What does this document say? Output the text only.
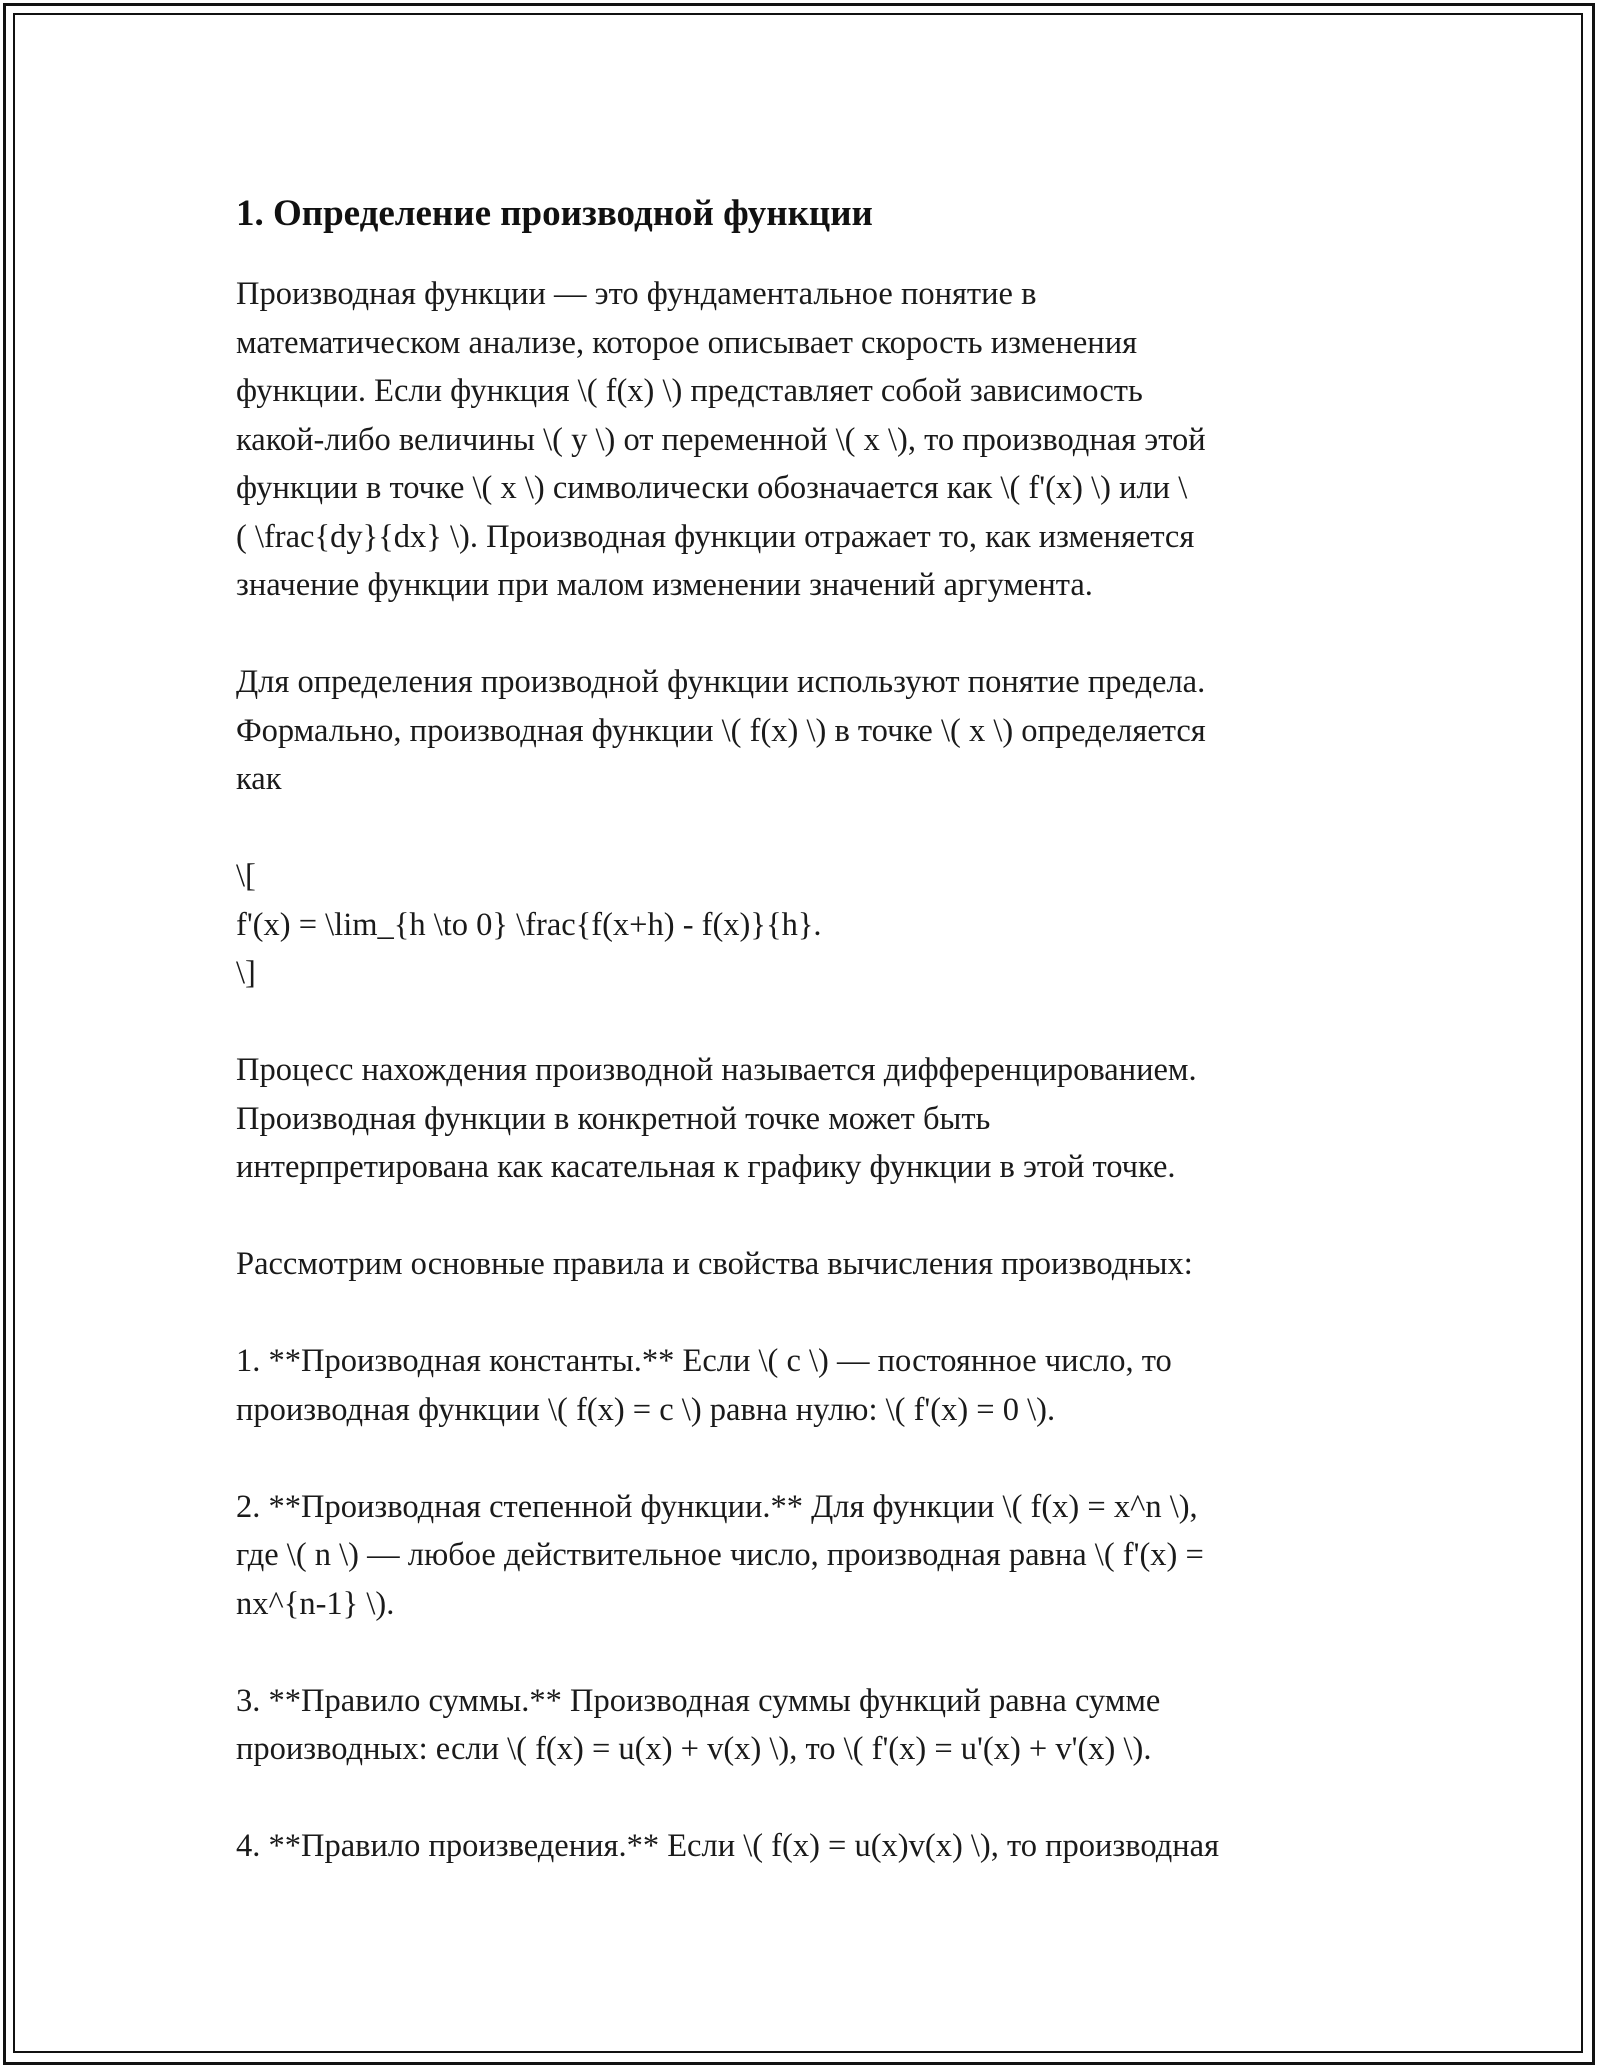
1. Определение производной функции

Производная функции — это фундаментальное понятие в
математическом анализе, которое описывает скорость изменения
функции. Если функция \( f(x) \) представляет собой зависимость
какой-либо величины \( y \) от переменной \( x \), то производная этой
функции в точке \( x \) символически обозначается как \( f'(x) \) или \
( \frac{dy}{dx} \). Производная функции отражает то, как изменяется
значение функции при малом изменении значений аргумента.

Для определения производной функции используют понятие предела.
Формально, производная функции \( f(x) \) в точке \( x \) определяется
как

\[
f'(x) = \lim_{h \to 0} \frac{f(x+h) - f(x)}{h}.
\]

Процесс нахождения производной называется дифференцированием.
Производная функции в конкретной точке может быть
интерпретирована как касательная к графику функции в этой точке.

Рассмотрим основные правила и свойства вычисления производных:

1. **Производная константы.** Если \( c \) — постоянное число, то
производная функции \( f(x) = c \) равна нулю: \( f'(x) = 0 \).

2. **Производная степенной функции.** Для функции \( f(x) = x^n \),
где \( n \) — любое действительное число, производная равна \( f'(x) =
nx^{n-1} \).

3. **Правило суммы.** Производная суммы функций равна сумме
производных: если \( f(x) = u(x) + v(x) \), то \( f'(x) = u'(x) + v'(x) \).

4. **Правило произведения.** Если \( f(x) = u(x)v(x) \), то производная
